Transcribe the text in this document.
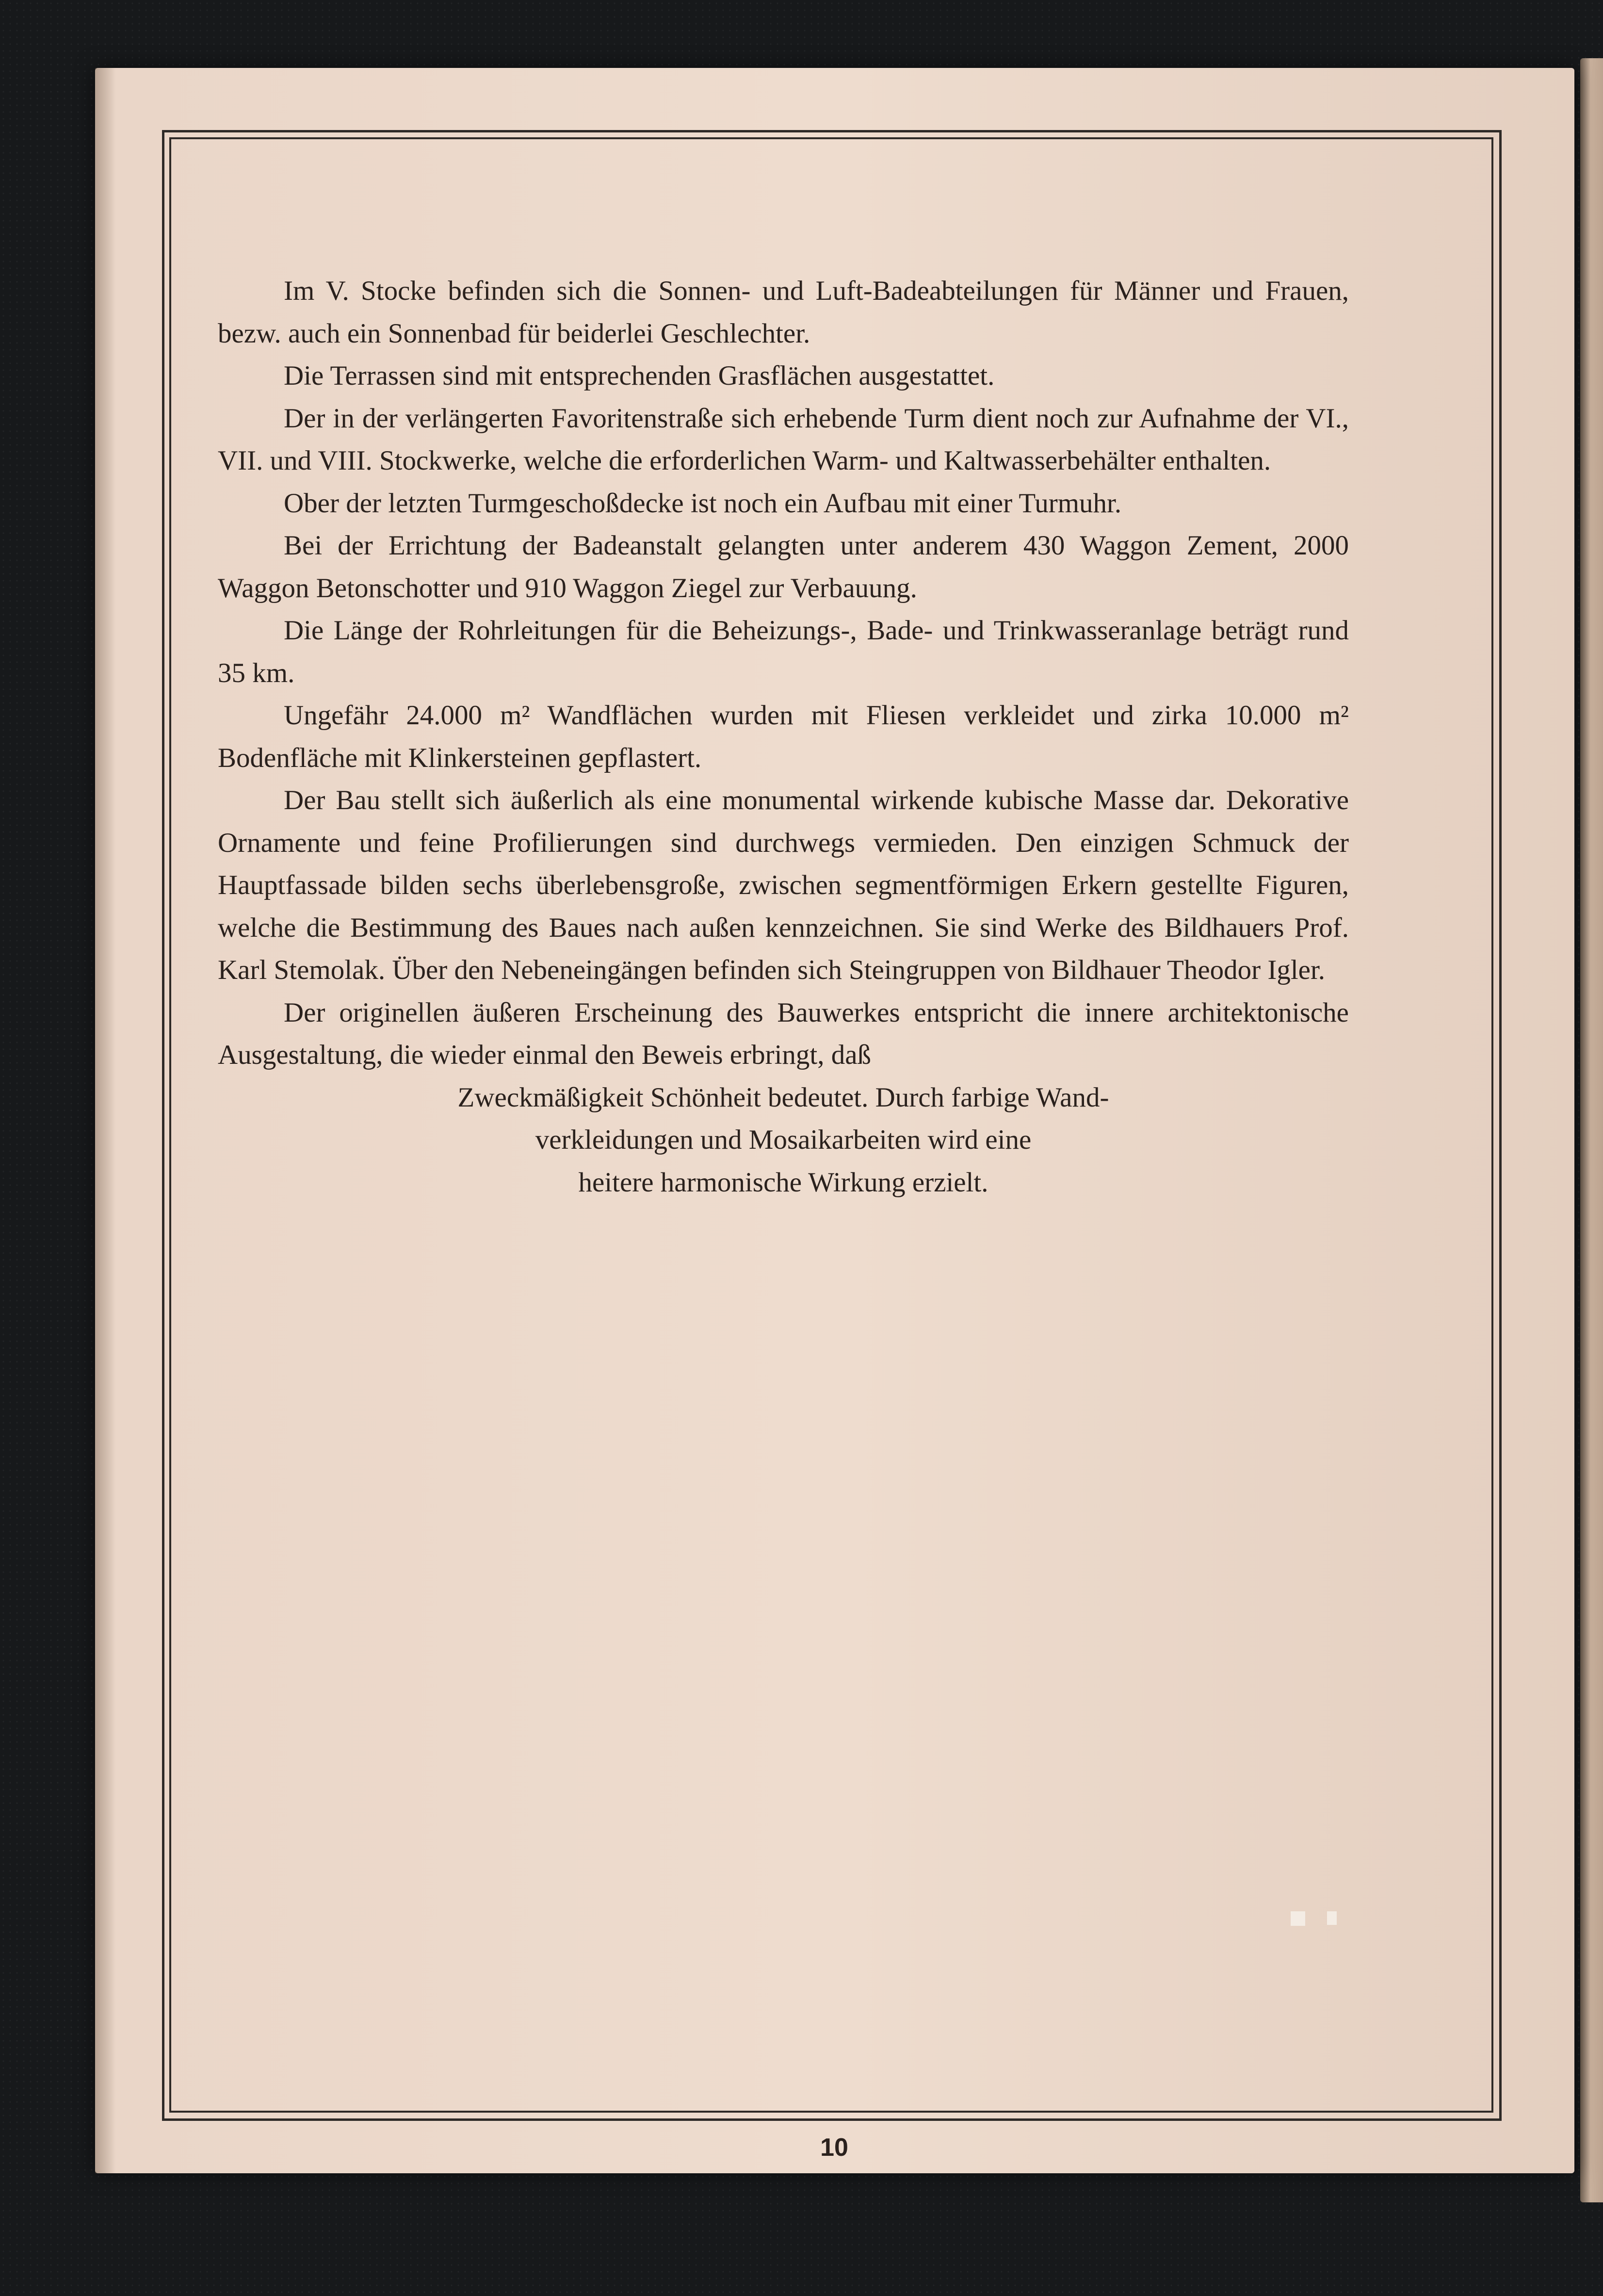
Im V. Stocke befinden sich die Sonnen- und Luft-Badeabteilungen für Männer und Frauen, bezw. auch ein Sonnenbad für beiderlei Geschlechter.

Die Terrassen sind mit entsprechenden Grasflächen ausgestattet.

Der in der verlängerten Favoritenstraße sich erhebende Turm dient noch zur Aufnahme der VI., VII. und VIII. Stockwerke, welche die erforderlichen Warm- und Kaltwasserbehälter enthalten.

Ober der letzten Turmgeschoßdecke ist noch ein Aufbau mit einer Turmuhr.

Bei der Errichtung der Badeanstalt gelangten unter anderem 430 Waggon Zement, 2000 Waggon Betonschotter und 910 Waggon Ziegel zur Verbauung.

Die Länge der Rohrleitungen für die Beheizungs-, Bade- und Trinkwasseranlage beträgt rund 35 km.

Ungefähr 24.000 m² Wandflächen wurden mit Fliesen verkleidet und zirka 10.000 m² Bodenfläche mit Klinkersteinen gepflastert.

Der Bau stellt sich äußerlich als eine monumental wirkende kubische Masse dar. Dekorative Ornamente und feine Profilierungen sind durchwegs vermieden. Den einzigen Schmuck der Hauptfassade bilden sechs überlebensgroße, zwischen segmentförmigen Erkern gestellte Figuren, welche die Bestimmung des Baues nach außen kennzeichnen. Sie sind Werke des Bildhauers Prof. Karl Stemolak. Über den Nebeneingängen befinden sich Steingruppen von Bildhauer Theodor Igler.

Der originellen äußeren Erscheinung des Bauwerkes entspricht die innere architektonische Ausgestaltung, die wieder einmal den Beweis erbringt, daß

Zweckmäßigkeit Schönheit bedeutet. Durch farbige Wand-

verkleidungen und Mosaikarbeiten wird eine

heitere harmonische Wirkung erzielt.

10
